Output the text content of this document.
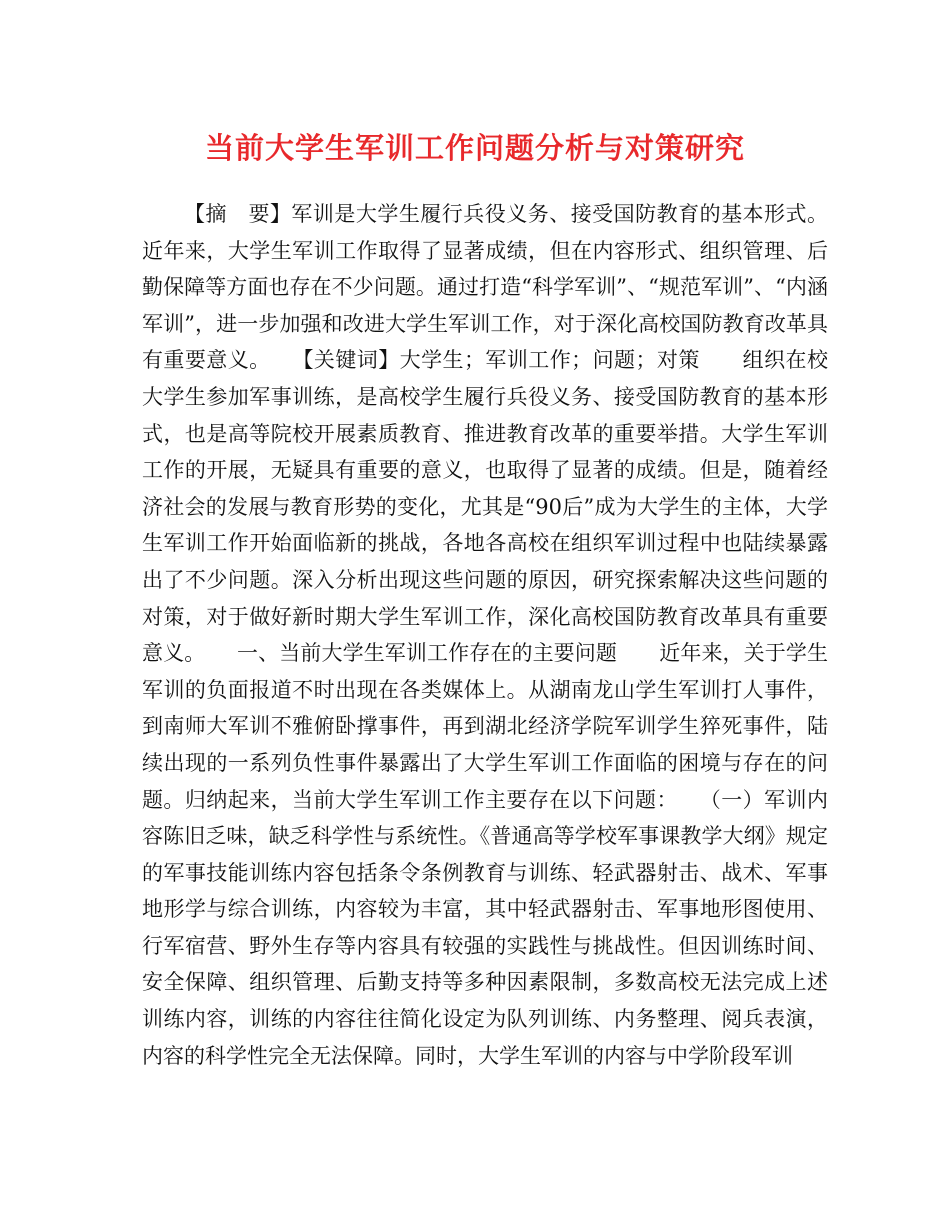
当前大学生军训工作问题分析与对策研究

【摘　要】军训是大学生履行兵役义务、接受国防教育的基本形式。近年来，大学生军训工作取得了显著成绩，但在内容形式、组织管理、后勤保障等方面也存在不少问题。通过打造“科学军训”、“规范军训”、“内涵军训”，进一步加强和改进大学生军训工作，对于深化高校国防教育改革具有重要意义。　　【关键词】大学生；军训工作；问题；对策　　组织在校大学生参加军事训练，是高校学生履行兵役义务、接受国防教育的基本形式，也是高等院校开展素质教育、推进教育改革的重要举措。大学生军训工作的开展，无疑具有重要的意义，也取得了显著的成绩。但是，随着经济社会的发展与教育形势的变化，尤其是“90后”成为大学生的主体，大学生军训工作开始面临新的挑战，各地各高校在组织军训过程中也陆续暴露出了不少问题。深入分析出现这些问题的原因，研究探索解决这些问题的对策，对于做好新时期大学生军训工作，深化高校国防教育改革具有重要意义。　　一、当前大学生军训工作存在的主要问题　　近年来，关于学生军训的负面报道不时出现在各类媒体上。从湖南龙山学生军训打人事件，到南师大军训不雅俯卧撑事件，再到湖北经济学院军训学生猝死事件，陆续出现的一系列负性事件暴露出了大学生军训工作面临的困境与存在的问题。归纳起来，当前大学生军训工作主要存在以下问题：　　（一）军训内容陈旧乏味，缺乏科学性与系统性。《普通高等学校军事课教学大纲》规定的军事技能训练内容包括条令条例教育与训练、轻武器射击、战术、军事地形学与综合训练，内容较为丰富，其中轻武器射击、军事地形图使用、行军宿营、野外生存等内容具有较强的实践性与挑战性。但因训练时间、安全保障、组织管理、后勤支持等多种因素限制，多数高校无法完成上述训练内容，训练的内容往往简化设定为队列训练、内务整理、阅兵表演，内容的科学性完全无法保障。同时，大学生军训的内容与中学阶段军训
